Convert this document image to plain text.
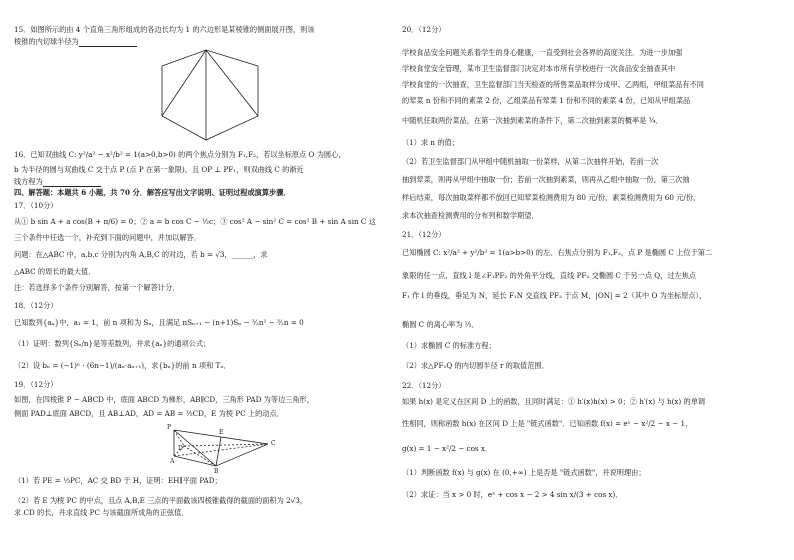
15．如图所示的由 4 个直角三角形组成的各边长均为 1 的六边形是某棱锥的侧面展开图，则该
棱锥的内切球半径为
16．已知双曲线 C: y²/a² − x²/b² = 1(a>0,b>0) 的两个焦点分别为 F₁,F₂，若以坐标原点 O 为圆心，
b 为半径的圆与双曲线 C 交于点 P (点 P 在第一象限)，且 OP ⊥ PF₁，则双曲线 C 的渐近
线方程为
四、解答题：本题共 6 小题，共 70 分．解答应写出文字说明、证明过程或演算步骤．
17．（10分）
从① b sin A + a cos(B + π/6) = 0；② a = b cos C − ½c；③ cos² A − sin² C = cos² B + sin A sin C 这
三个条件中任选一个，补充到下面的问题中，并加以解答．
问题：在△ABC 中，a,b,c 分别为内角 A,B,C 的对边，若 b = √3，______，求
△ABC 的周长的最大值．
注：若选择多个条件分别解答，按第一个解答计分．
18．（12分）
已知数列{aₙ}中，a₁ = 1，前 n 项和为 Sₙ，且满足 nSₙ₊₁ − (n+1)Sₙ − ³⁄₂n² − ³⁄₂n = 0
（1）证明：数列{Sₙ/n}是等差数列，并求{aₙ}的通项公式；
（2）设 bₙ = (−1)ⁿ · (6n−1)/(aₙ·aₙ₊₁)，求{bₙ}的前 n 项和 Tₙ．
19．（12分）
如图，在四棱锥 P − ABCD 中，底面 ABCD 为梯形，AB∥CD，三角形 PAD 为等边三角形，
侧面 PAD⊥底面 ABCD，且 AB⊥AD，AD = AB = ½CD，E 为棱 PC 上的动点．
P
E
D
C
A
B
（1）若 PE = ⅓PC，AC 交 BD 于 H，证明：EH∥平面 PAD；
（2）若 E 为棱 PC 的中点，且点 A,B,E 三点的平面截该四棱锥截得的截面的面积为 2√3，
求 CD 的长，并求直线 PC 与该截面所成角的正弦值．
20．（12分）
学校食品安全问题关系着学生的身心健康，一直受到社会各界的高度关注．为进一步加强
学校食堂安全管理，某市卫生监督部门决定对本市所有学校进行一次食品安全抽查其中
学校食堂的一次抽查，卫生监督部门当天检查的所售菜品取样分成甲、乙两组，甲组菜品有不同
的荤菜 n 份和不同的素菜 2 份，乙组菜品有荤菜 1 份和不同的素菜 4 份，已知从甲组菜品
中随机任取两份菜品，在第一次抽到素菜的条件下，第二次抽到素菜的概率是 ¾．
（1）求 n 的值；
（2）若卫生监督部门从甲组中随机抽取一份菜样，从第二次抽样开始，若前一次
抽到荤菜，则再从甲组中抽取一份；若前一次抽到素菜，则再从乙组中抽取一份，第三次抽
样后结束，每次抽取菜样都不放回已知荤菜检测费用为 80 元/份，素菜检测费用为 60 元/份，
求本次抽查检测费用的分布列和数学期望．
21．（12分）
已知椭圆 C: x²/a² + y²/b² = 1(a>b>0) 的左、右焦点分别为 F₁,F₂，点 P 是椭圆 C 上位于第二
象限的任一点，直线 l 是∠F₁PF₂ 的外角平分线，直线 PF₂ 交椭圆 C 于另一点 Q，过左焦点
F₁ 作 l 的垂线，垂足为 N，延长 F₁N 交直线 PF₂ 于点 M，|ON| = 2（其中 O 为坐标原点），
椭圆 C 的离心率为 ½．
（1）求椭圆 C 的标准方程；
（2）求△PF₁Q 的内切圆半径 r 的取值范围．
22．（12分）
如果 h(x) 是定义在区间 D 上的函数，且同时满足：① h′(x)h(x) > 0；② h′(x) 与 h(x) 的单调
性相同，则称函数 h(x) 在区间 D 上是 "链式函数"．已知函数 f(x) = eˣ − x²/2 − x − 1，
g(x) = 1 − x²/2 − cos x．
（1）判断函数 f(x) 与 g(x) 在 (0,+∞) 上是否是 "链式函数"，并说明理由；
（2）求证：当 x > 0 时，eˣ + cos x − 2 > 4 sin x/(3 + cos x)．
